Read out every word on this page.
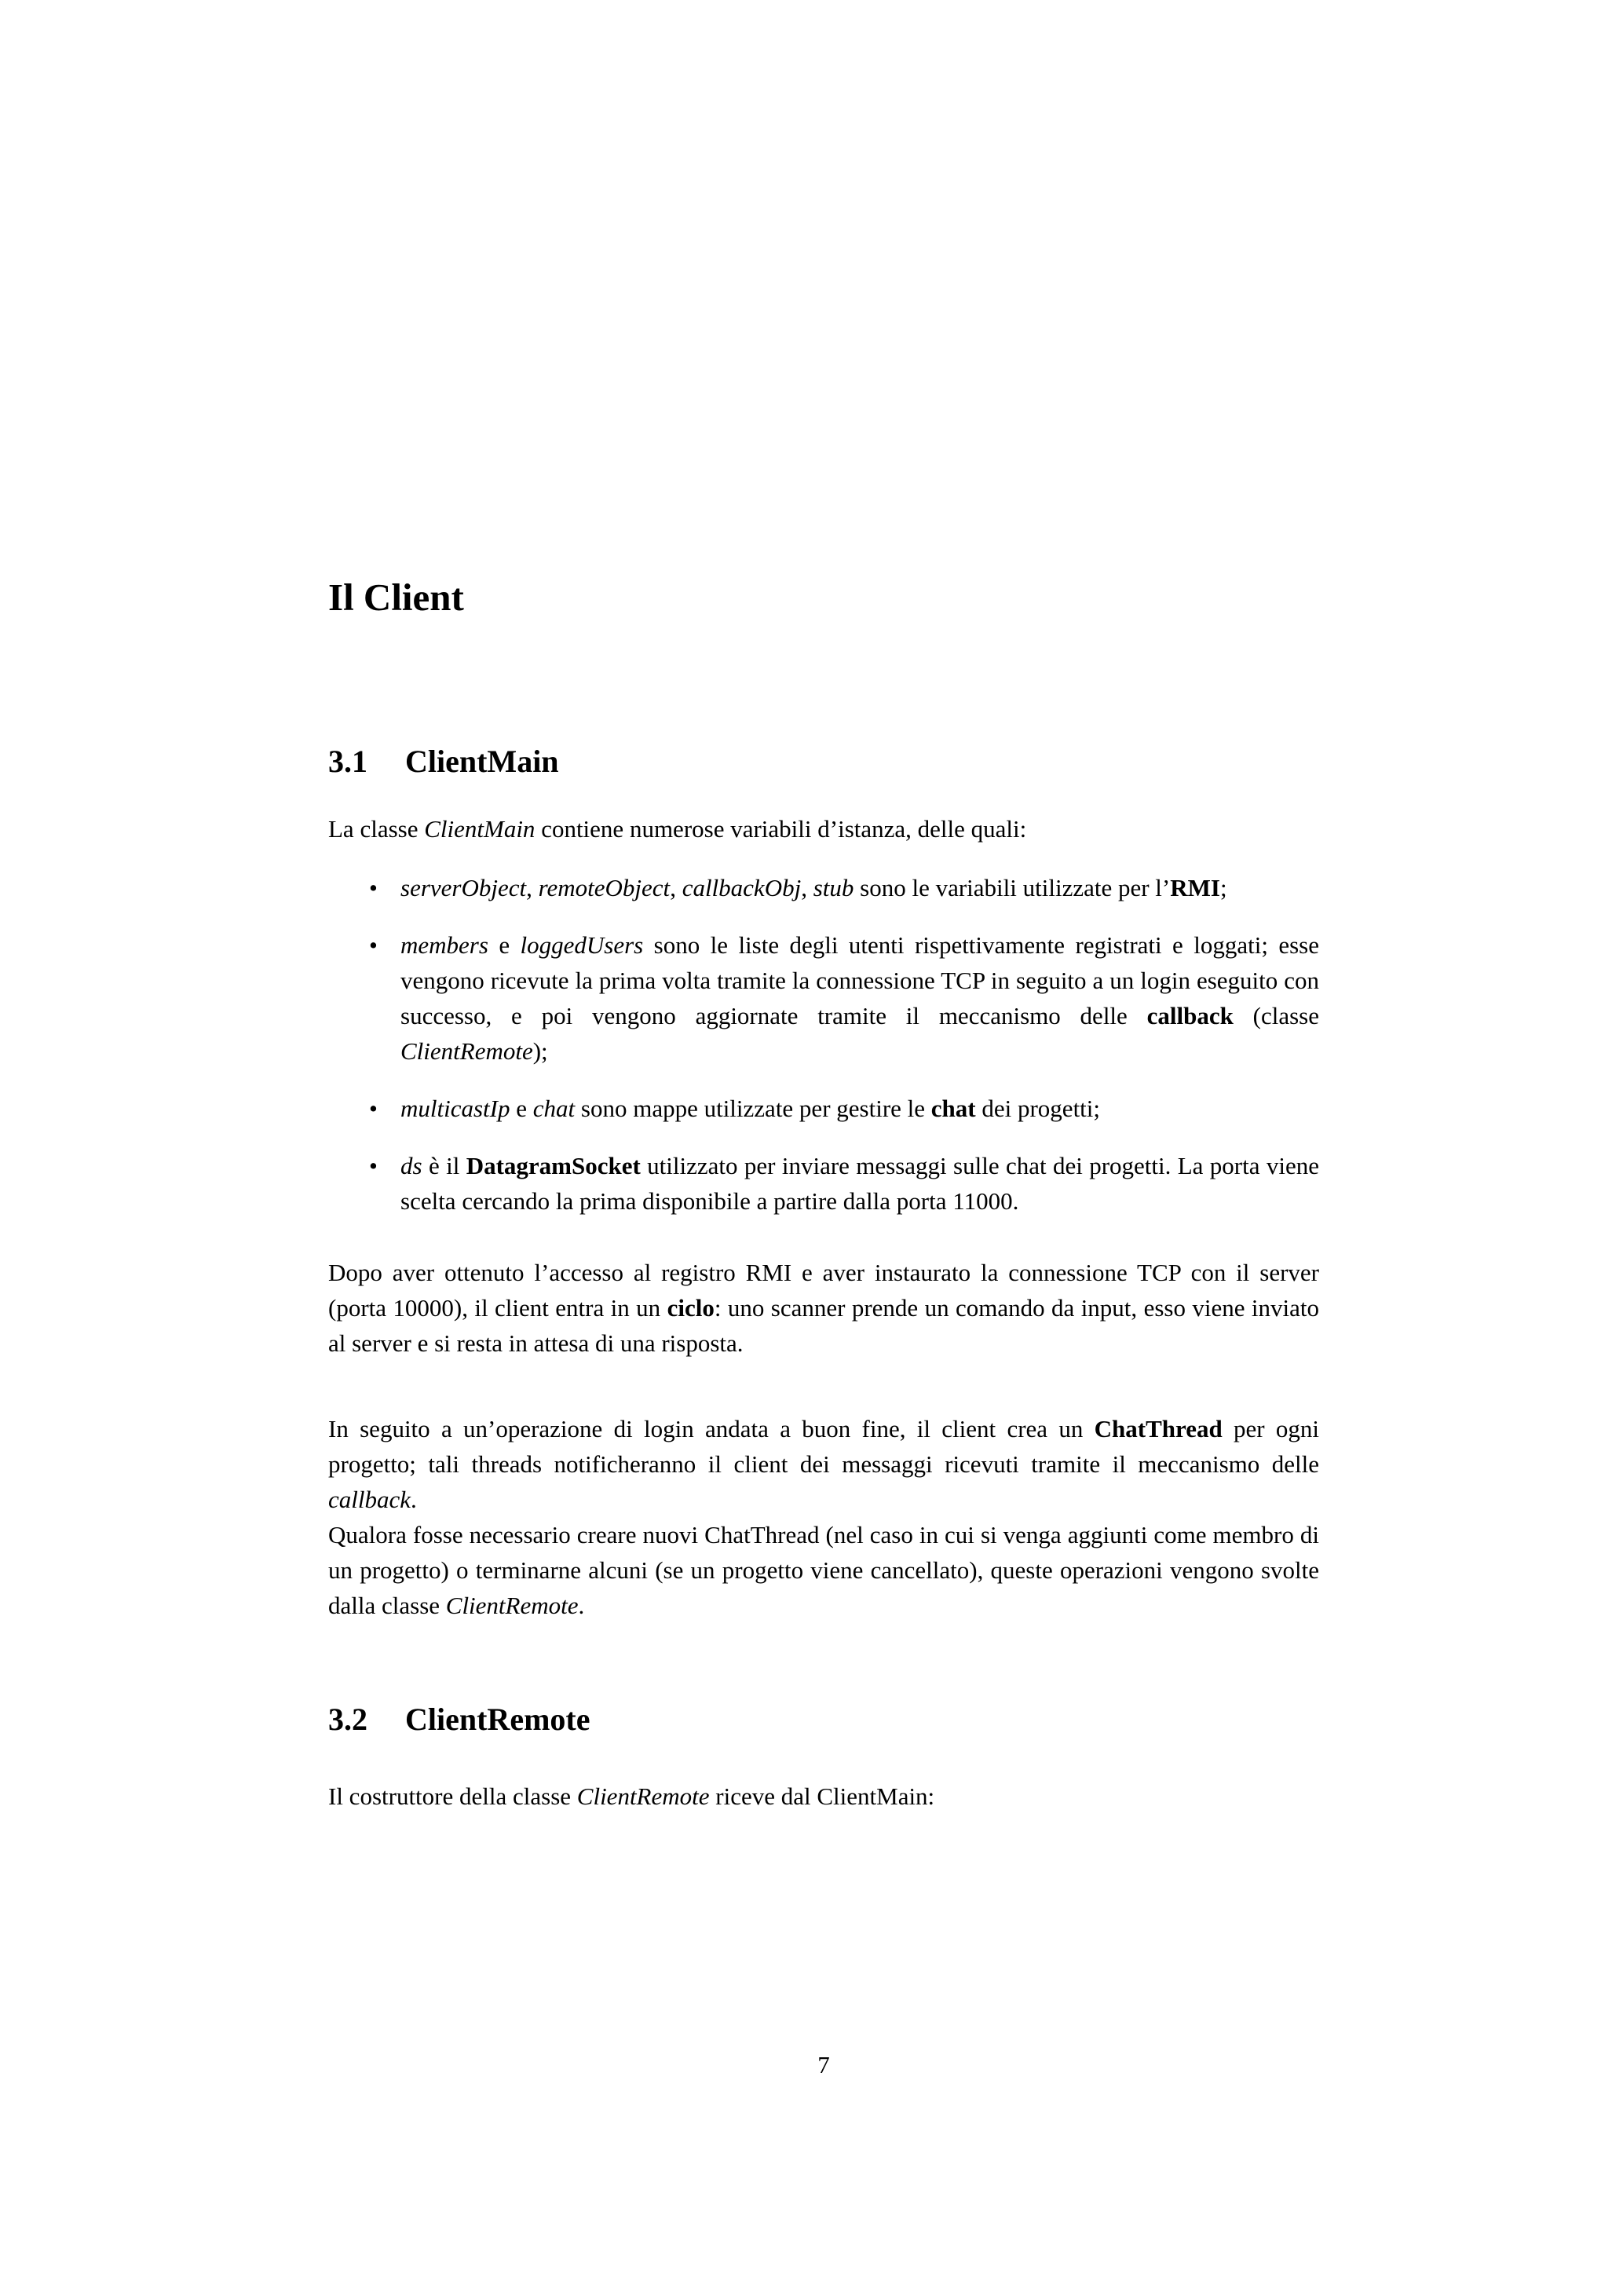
Il Client
3.1 ClientMain

La classe ClientMain contiene numerose variabili d’istanza, delle quali:

• serverObject, remoteObject, callbackObj, stub sono le variabili utilizzate per l’RMI;
• members e loggedUsers sono le liste degli utenti rispettivamente registrati e loggati; esse vengono ricevute la prima volta tramite la connessione TCP in seguito a un login eseguito con successo, e poi vengono aggiornate tramite il meccanismo delle callback (classe ClientRemote);
• multicastIp e chat sono mappe utilizzate per gestire le chat dei progetti;
• ds è il DatagramSocket utilizzato per inviare messaggi sulle chat dei progetti. La porta viene scelta cercando la prima disponibile a partire dalla porta 11000.

Dopo aver ottenuto l’accesso al registro RMI e aver instaurato la connessione TCP con il server (porta 10000), il client entra in un ciclo: uno scanner prende un comando da input, esso viene inviato al server e si resta in attesa di una risposta.

In seguito a un’operazione di login andata a buon fine, il client crea un ChatThread per ogni progetto; tali threads notificheranno il client dei messaggi ricevuti tramite il meccanismo delle callback.

Qualora fosse necessario creare nuovi ChatThread (nel caso in cui si venga aggiunti come membro di un progetto) o terminarne alcuni (se un progetto viene cancellato), queste operazioni vengono svolte dalla classe ClientRemote.

3.2 ClientRemote

Il costruttore della classe ClientRemote riceve dal ClientMain:

7
